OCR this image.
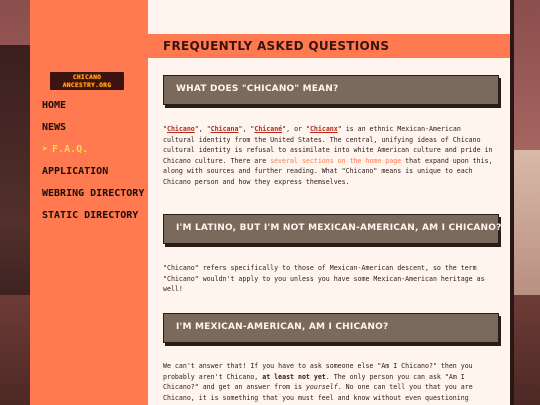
CHICANO ANCESTRY.ORG
HOME
NEWS
➤ F.A.Q.
APPLICATION
WEBRING DIRECTORY
STATIC DIRECTORY
FREQUENTLY ASKED QUESTIONS
WHAT DOES "CHICANO" MEAN?

"Chicano", "Chicana", "Chicané", or "Chicanx" is an ethnic Mexican-American cultural identity from the United States. The central, unifying ideas of Chicano cultural identity is refusal to assimilate into white American culture and pride in Chicano culture. There are several sections on the home page that expand upon this, along with sources and further reading. What "Chicano" means is unique to each Chicano person and how they express themselves.

I'M LATINO, BUT I'M NOT MEXICAN-AMERICAN, AM I CHICANO?

"Chicano" refers specifically to those of Mexican-American descent, so the term "Chicano" wouldn't apply to you unless you have some Mexican-American heritage as well!

I'M MEXICAN-AMERICAN, AM I CHICANO?

We can't answer that! If you have to ask someone else "Am I Chicano?" then you probably aren't Chicano, at least not yet. The only person you can ask "Am I Chicano?" and get an answer from is yourself. No one can tell you that you are Chicano, it is something that you must feel and know without even questioning
